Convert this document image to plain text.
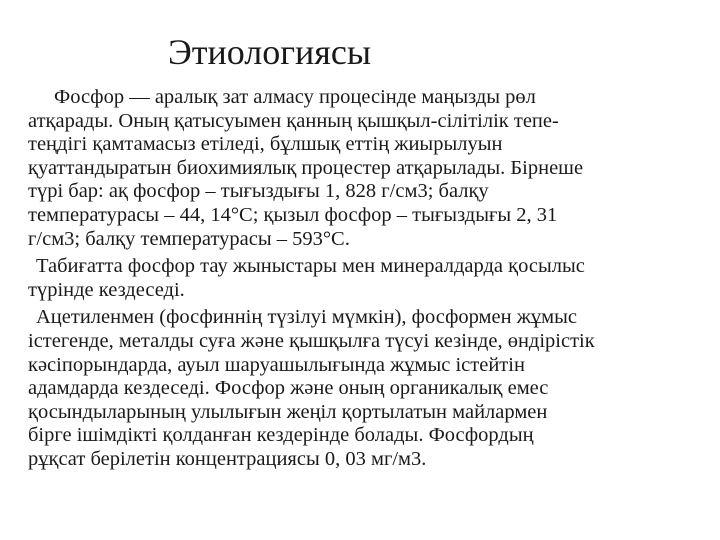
Этиологиясы

Фосфор — аралық зат алмасу процесінде маңызды рөл
атқарады. Оның қатысуымен қанның қышқыл-сілітілік тепе-
теңдігі қамтамасыз етіледі, бұлшық еттің жиырылуын
қуаттандыратын биохимиялық процестер атқарылады. Бірнеше
түрі бар: ақ фосфор – тығыздығы 1, 828 г/см3; балқу
температурасы – 44, 14°С; қызыл фосфор – тығыздығы 2, 31
г/см3; балқу температурасы – 593°С.

Табиғатта фосфор тау жыныстары мен минералдарда қосылыс
түрінде кездеседі.

Ацетиленмен (фосфиннің түзілуі мүмкін), фосформен жұмыс
істегенде, металды суға және қышқылға түсуі кезінде, өндірістік
кәсіпорындарда, ауыл шаруашылығында жұмыс істейтін
адамдарда кездеседі. Фосфор және оның органикалық емес
қосындыларының улылығын жеңіл қортылатын майлармен
бірге ішімдікті қолданған кездерінде болады. Фосфордың
рұқсат берілетін концентрациясы 0, 03 мг/м3.
